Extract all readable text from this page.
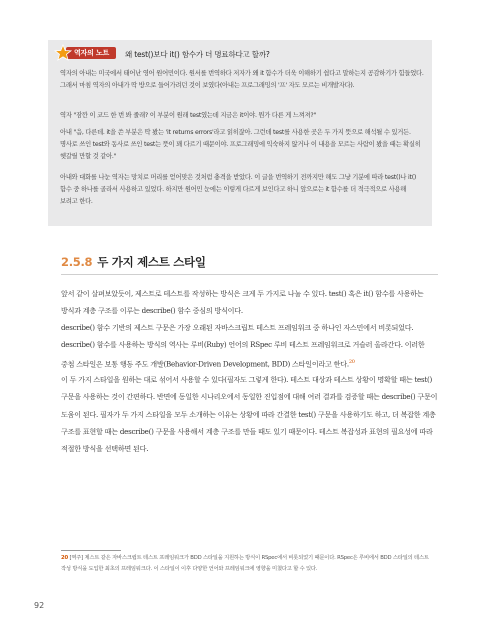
역자의 노트 왜 test()보다 it() 함수가 더 명료하다고 할까?

역자의 아내는 미국에서 태어난 영어 원어민이다. 원서를 번역하다 저자가 왜 it 함수가 더욱 이해하기 쉽다고 말하는지 공감하기가 힘들었다. 그래서 마침 역자의 아내가 딱 방으로 들어가려던 것이 보였다(아내는 프로그래밍의 '프' 자도 모르는 비개발자다).

역자 "잠깐 이 코드 한 번 봐 줄래? 이 부분이 원래 test였는데 지금은 it이야. 뭔가 다른 게 느껴져?"

아내 "음, 다른데. it을 쓴 부분은 딱 봤는 'it returns errors'라고 읽히잖아. 그런데 test를 사용한 곳은 두 가지 뜻으로 해석될 수 있거든. 명사로 쓰인 test와 동사로 쓰인 test는 뜻이 꽤 다르기 때문이야. 프로그래밍에 익숙하지 않거나 이 내용을 모르는 사람이 봤을 때는 확실히 헷갈릴 만할 것 같아."

아내와 대화를 나눈 역자는 망치로 머리를 얻어맞은 것처럼 충격을 받았다. 이 글을 번역하기 전까지만 해도 그냥 기분에 따라 test()나 it() 함수 중 하나를 골라서 사용하고 있었다. 하지만 원어민 눈에는 이렇게 다르게 보인다고 하니 앞으로는 it 함수를 더 적극적으로 사용해 보려고 한다.

2.5.8 두 가지 제스트 스타일

앞서 같이 살펴보았듯이, 제스트로 테스트를 작성하는 방식은 크게 두 가지로 나눌 수 있다. test() 혹은 it() 함수를 사용하는 방식과 계층 구조를 이루는 describe() 함수 중심의 방식이다.

describe() 함수 기반의 제스트 구문은 가장 오래된 자바스크립트 테스트 프레임워크 중 하나인 자스민에서 비롯되었다. describe() 함수를 사용하는 방식의 역사는 루비(Ruby) 언어의 RSpec 루비 테스트 프레임워크로 거슬러 올라간다. 이러한 중첩 스타일은 보통 행동 주도 개발(Behavior-Driven Development, BDD) 스타일이라고 한다.$^{20}$

이 두 가지 스타일을 원하는 대로 섞어서 사용할 수 있다(필자도 그렇게 한다). 테스트 대상과 테스트 상황이 명확할 때는 test() 구문을 사용하는 것이 간편하다. 반면에 동일한 시나리오에서 동일한 진입점에 대해 여러 결과를 검증할 때는 describe() 구문이 도움이 된다. 필자가 두 가지 스타일을 모두 소개하는 이유는 상황에 따라 간결한 test() 구문을 사용하기도 하고, 더 복잡한 계층 구조를 표현할 때는 describe() 구문을 사용해서 계층 구조를 만들 때도 있기 때문이다. 테스트 복잡성과 표현의 필요성에 따라 적절한 방식을 선택하면 된다.

20 [역주] 제스트 같은 자바스크립트 테스트 프레임워크가 BDD 스타일을 지원하는 방식이 RSpec에서 비롯되었기 때문이다. RSpec은 루비에서 BDD 스타일의 테스트 작성 방식을 도입한 최초의 프레임워크다. 이 스타일이 이후 다양한 언어와 프레임워크에 영향을 미쳤다고 할 수 있다.

92
